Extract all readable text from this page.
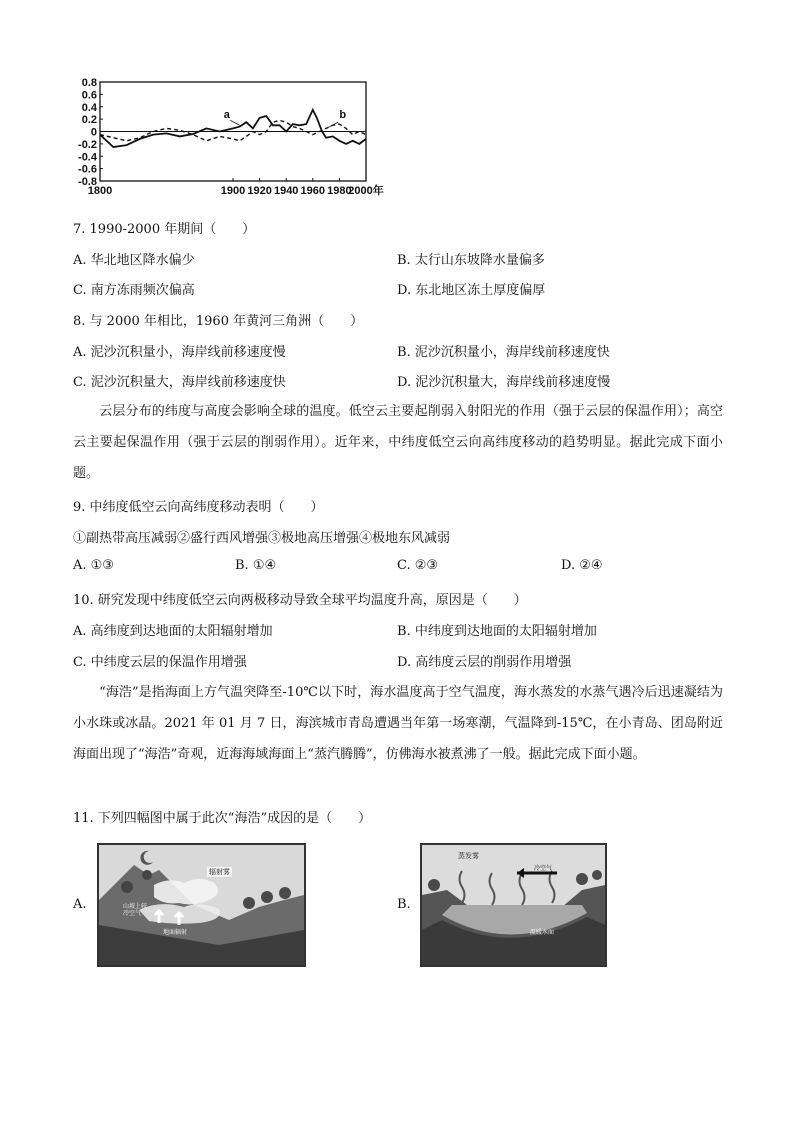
0.8
0.6
0.4
0.2
0
-0.2
-0.4
-0.6
-0.8
1800	1900 1920 1940 1960 1980
2000年
a	b
7. 1990-2000 年期间（　　）
A. 华北地区降水偏少	B. 太行山东坡降水量偏多
C. 南方冻雨频次偏高	D. 东北地区冻土厚度偏厚
8. 与 2000 年相比，1960 年黄河三角洲（　　）
A. 泥沙沉积量小，海岸线前移速度慢	B. 泥沙沉积量小，海岸线前移速度快
C. 泥沙沉积量大，海岸线前移速度快	D. 泥沙沉积量大，海岸线前移速度慢
　　云层分布的纬度与高度会影响全球的温度。低空云主要起削弱入射阳光的作用（强于云层的保温作用）；高空云主要起保温作用（强于云层的削弱作用）。近年来，中纬度低空云向高纬度移动的趋势明显。据此完成下面小题。
9. 中纬度低空云向高纬度移动表明（　　）
①副热带高压减弱②盛行西风增强③极地高压增强④极地东风减弱
A. ①③	B. ①④	C. ②③	D. ②④
10. 研究发现中纬度低空云向两极移动导致全球平均温度升高，原因是（　　）
A. 高纬度到达地面的太阳辐射增加	B. 中纬度到达地面的太阳辐射增加
C. 中纬度云层的保温作用增强	D. 高纬度云层的削弱作用增强
　　“海浩”是指海面上方气温突降至-10℃以下时，海水温度高于空气温度，海水蒸发的水蒸气遇冷后迅速凝结为小水珠或冰晶。2021 年 01 月 7 日，海滨城市青岛遭遇当年第一场寒潮，气温降到-15℃，在小青岛、团岛附近海面出现了“海浩”奇观，近海海域海面上“蒸汽腾腾”，仿佛海水被煮沸了一般。据此完成下面小题。
11. 下列四幅图中属于此次“海浩”成因的是（　　）
A.	B.
辐射雾
山坡上较冷空气
地面辐射
蒸发雾
冷空气
温暖水面
